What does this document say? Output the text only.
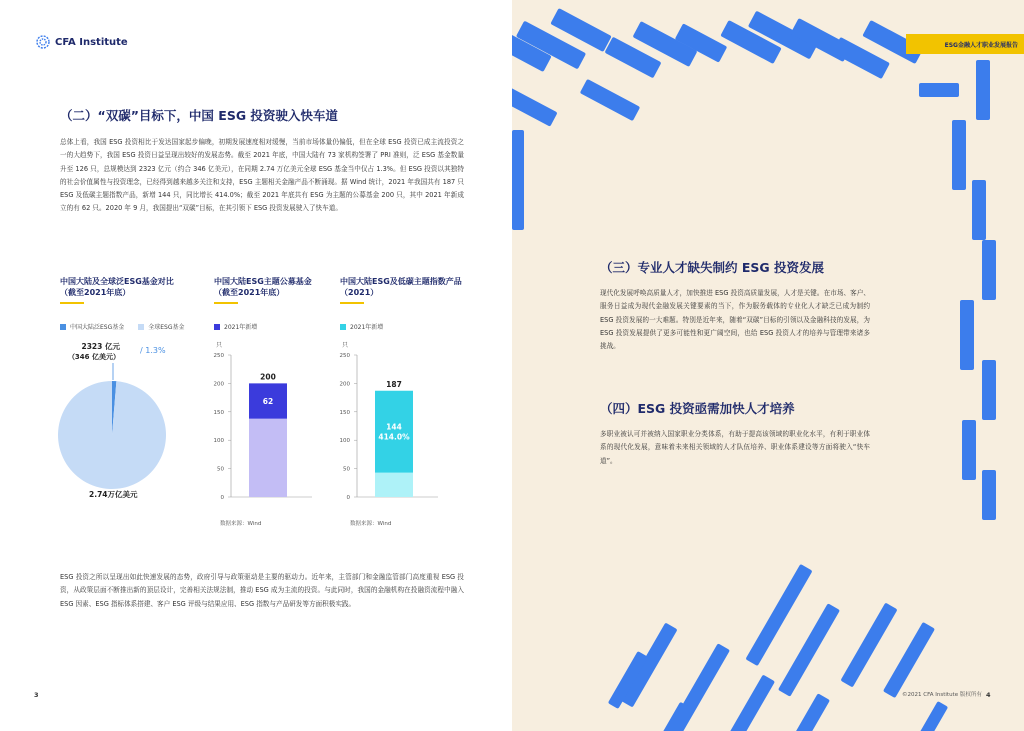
CFA Institute
（二）“双碳”目标下，中国 ESG 投资驶入快车道
总体上看，我国 ESG 投资相比于发达国家起步偏晚，初期发展速度相对缓慢，当前市场体量仍偏低，但在全球 ESG 投资已成主流投资之一的大趋势下，我国 ESG 投资日益呈现出较好的发展态势。截至 2021 年底，中国大陆有 73 家机构签署了 PRI 准则，泛 ESG 基金数量升至 126 只，总规模达到 2323 亿元（约合 346 亿美元），在同期 2.74 万亿美元全球 ESG 基金当中仅占 1.3%。但 ESG 投资以其独特的社会价值属性与投资理念，已经得到越来越多关注和支持，ESG 主题相关金融产品不断涌现。据 Wind 统计，2021 年我国共有 187 只 ESG 及低碳主题指数产品，新增 144 只，同比增长 414.0%；截至 2021 年底共有 ESG 为主题的公募基金 200 只，其中 2021 年新成立的有 62 只。2020 年 9 月，我国提出“双碳”目标，在其引领下 ESG 投资发展驶入了快车道。
中国大陆及全球泛ESG基金对比
（截至2021年底）
中国大陆泛ESG基金	全球ESG基金
2323 亿元
（346 亿美元）
/ 1.3%
2.74万亿美元
中国大陆ESG主题公募基金
（截至2021年底）
2021年新增
只
数据来源：Wind
0
50
100
150
200
250
62
200
中国大陆ESG及低碳主题指数产品
（2021）
2021年新增
只
数据来源：Wind
0
50
100
150
200
250
144
414.0%
187
ESG 投资之所以呈现出如此快速发展的态势，政府引导与政策驱动是主要的驱动力。近年来，主管部门和金融监管部门高度重视 ESG 投资，从政策层面不断推出新的顶层设计，完善相关法规法制，推动 ESG 成为主流的投资。与此同时，我国的金融机构在投融资流程中融入 ESG 因素、ESG 指标体系搭建、客户 ESG 评级与结果应用、ESG 指数与产品研发等方面积极实践。
3
ESG金融人才职业发展报告
（三）专业人才缺失制约 ESG 投资发展
现代化发展呼唤高质量人才，加快推进 ESG 投资高质量发展，人才是关键。在市场、客户、服务日益成为现代金融发展关键要素的当下，作为服务载体的专业化人才缺乏已成为制约 ESG 投资发展的一大难题。特别是近年来，随着“双碳”目标的引领以及金融科技的发展，为 ESG 投资发展提供了更多可能性和更广阔空间，也给 ESG 投资人才的培养与管理带来诸多挑战。
（四）ESG 投资亟需加快人才培养
多职业被认可并被纳入国家职业分类体系，有助于提高该领域的职业化水平，有利于职业体系的现代化发展，意味着未来相关领域的人才队伍培养、职业体系建设等方面将驶入“快车道”。
©2021 CFA Institute 版权所有 4
